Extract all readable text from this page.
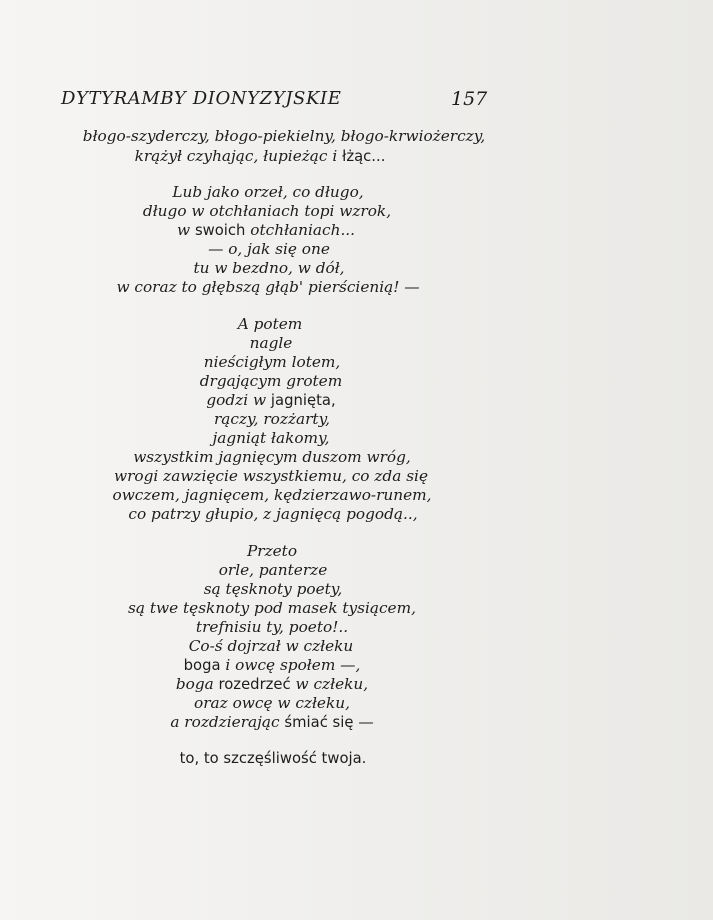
DYTYRAMBY DIONYZYJSKIE	157
błogo-szyderczy, błogo-piekielny, błogo-krwiożerczy,
krążył czyhając, łupieżąc i łżąc...
Lub jako orzeł, co długo,
długo w otchłaniach topi wzrok,
w swoich otchłaniach...
— o, jak się one
tu w bezdno, w dół,
w coraz to głębszą głąb' pierścienią! —
A potem
nagle
nieścigłym lotem,
drgającym grotem
godzi w jagnięta,
rączy, rozżarty,
jagniąt łakomy,
wszystkim jagnięcym duszom wróg,
wrogi zawzięcie wszystkiemu, co zda się
owczem, jagnięcem, kędzierzawo-runem,
co patrzy głupio, z jagnięcą pogodą..,
Przeto
orle, panterze
są tęsknoty poety,
są twe tęsknoty pod masek tysiącem,
trefnisiu ty, poeto!..
Co-ś dojrzał w człeku
boga i owcę społem —,
boga rozedrzeć w człeku,
oraz owcę w człeku,
a rozdzierając śmiać się —
to, to szczęśliwość twoja.
